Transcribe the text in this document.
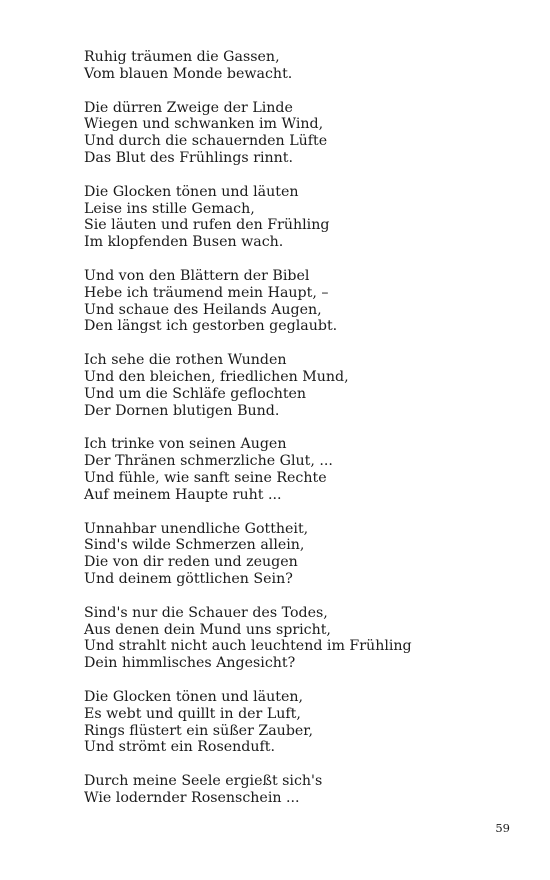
Ruhig träumen die Gassen,
Vom blauen Monde bewacht.
Die dürren Zweige der Linde
Wiegen und schwanken im Wind,
Und durch die schauernden Lüfte
Das Blut des Frühlings rinnt.
Die Glocken tönen und läuten
Leise ins stille Gemach,
Sie läuten und rufen den Frühling
Im klopfenden Busen wach.
Und von den Blättern der Bibel
Hebe ich träumend mein Haupt, –
Und schaue des Heilands Augen,
Den längst ich gestorben geglaubt.
Ich sehe die rothen Wunden
Und den bleichen, friedlichen Mund,
Und um die Schläfe geflochten
Der Dornen blutigen Bund.
Ich trinke von seinen Augen
Der Thränen schmerzliche Glut, ...
Und fühle, wie sanft seine Rechte
Auf meinem Haupte ruht ...
Unnahbar unendliche Gottheit,
Sind's wilde Schmerzen allein,
Die von dir reden und zeugen
Und deinem göttlichen Sein?
Sind's nur die Schauer des Todes,
Aus denen dein Mund uns spricht,
Und strahlt nicht auch leuchtend im Frühling
Dein himmlisches Angesicht?
Die Glocken tönen und läuten,
Es webt und quillt in der Luft,
Rings flüstert ein süßer Zauber,
Und strömt ein Rosenduft.
Durch meine Seele ergießt sich's
Wie lodernder Rosenschein ...
59
